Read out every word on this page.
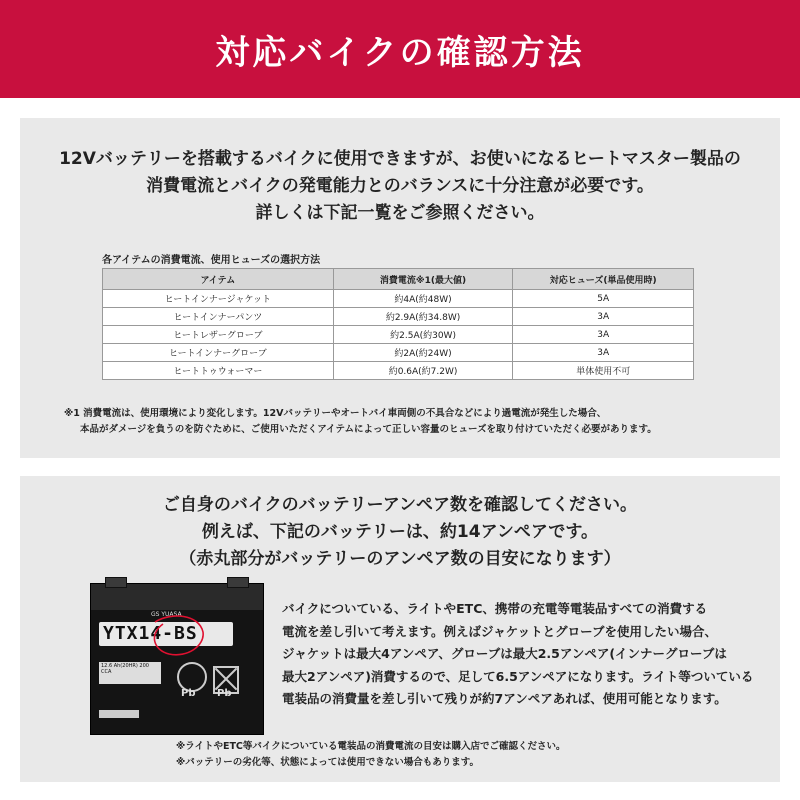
対応バイクの確認方法
12Vバッテリーを搭載するバイクに使用できますが、お使いになるヒートマスター製品の
消費電流とバイクの発電能力とのバランスに十分注意が必要です。
詳しくは下記一覧をご参照ください。
各アイテムの消費電流、使用ヒューズの選択方法
アイテム	消費電流※1(最大値)	対応ヒューズ(単品使用時)
ヒートインナージャケット	約4A(約48W)	5A
ヒートインナーパンツ	約2.9A(約34.8W)	3A
ヒートレザーグローブ	約2.5A(約30W)	3A
ヒートインナーグローブ	約2A(約24W)	3A
ヒートトゥウォーマー	約0.6A(約7.2W)	単体使用不可
※1 消費電流は、使用環境により変化します。12Vバッテリーやオートバイ車両側の不具合などにより過電流が発生した場合、
本品がダメージを負うのを防ぐために、ご使用いただくアイテムによって正しい容量のヒューズを取り付けていただく必要があります。
ご自身のバイクのバッテリーアンペア数を確認してください。
例えば、下記のバッテリーは、約14アンペアです。
（赤丸部分がバッテリーのアンペア数の目安になります）
GS YUASA
YTX14-BS
12.6 Ah(20HR) 200 CCA
Pb Pb
バイクについている、ライトやETC、携帯の充電等電装品すべての消費する
電流を差し引いて考えます。例えばジャケットとグローブを使用したい場合、
ジャケットは最大4アンペア、グローブは最大2.5アンペア(インナーグローブは
最大2アンペア)消費するので、足して6.5アンペアになります。ライト等ついている
電装品の消費量を差し引いて残りが約7アンペアあれば、使用可能となります。
※ライトやETC等バイクについている電装品の消費電流の目安は購入店でご確認ください。
※バッテリーの劣化等、状態によっては使用できない場合もあります。
